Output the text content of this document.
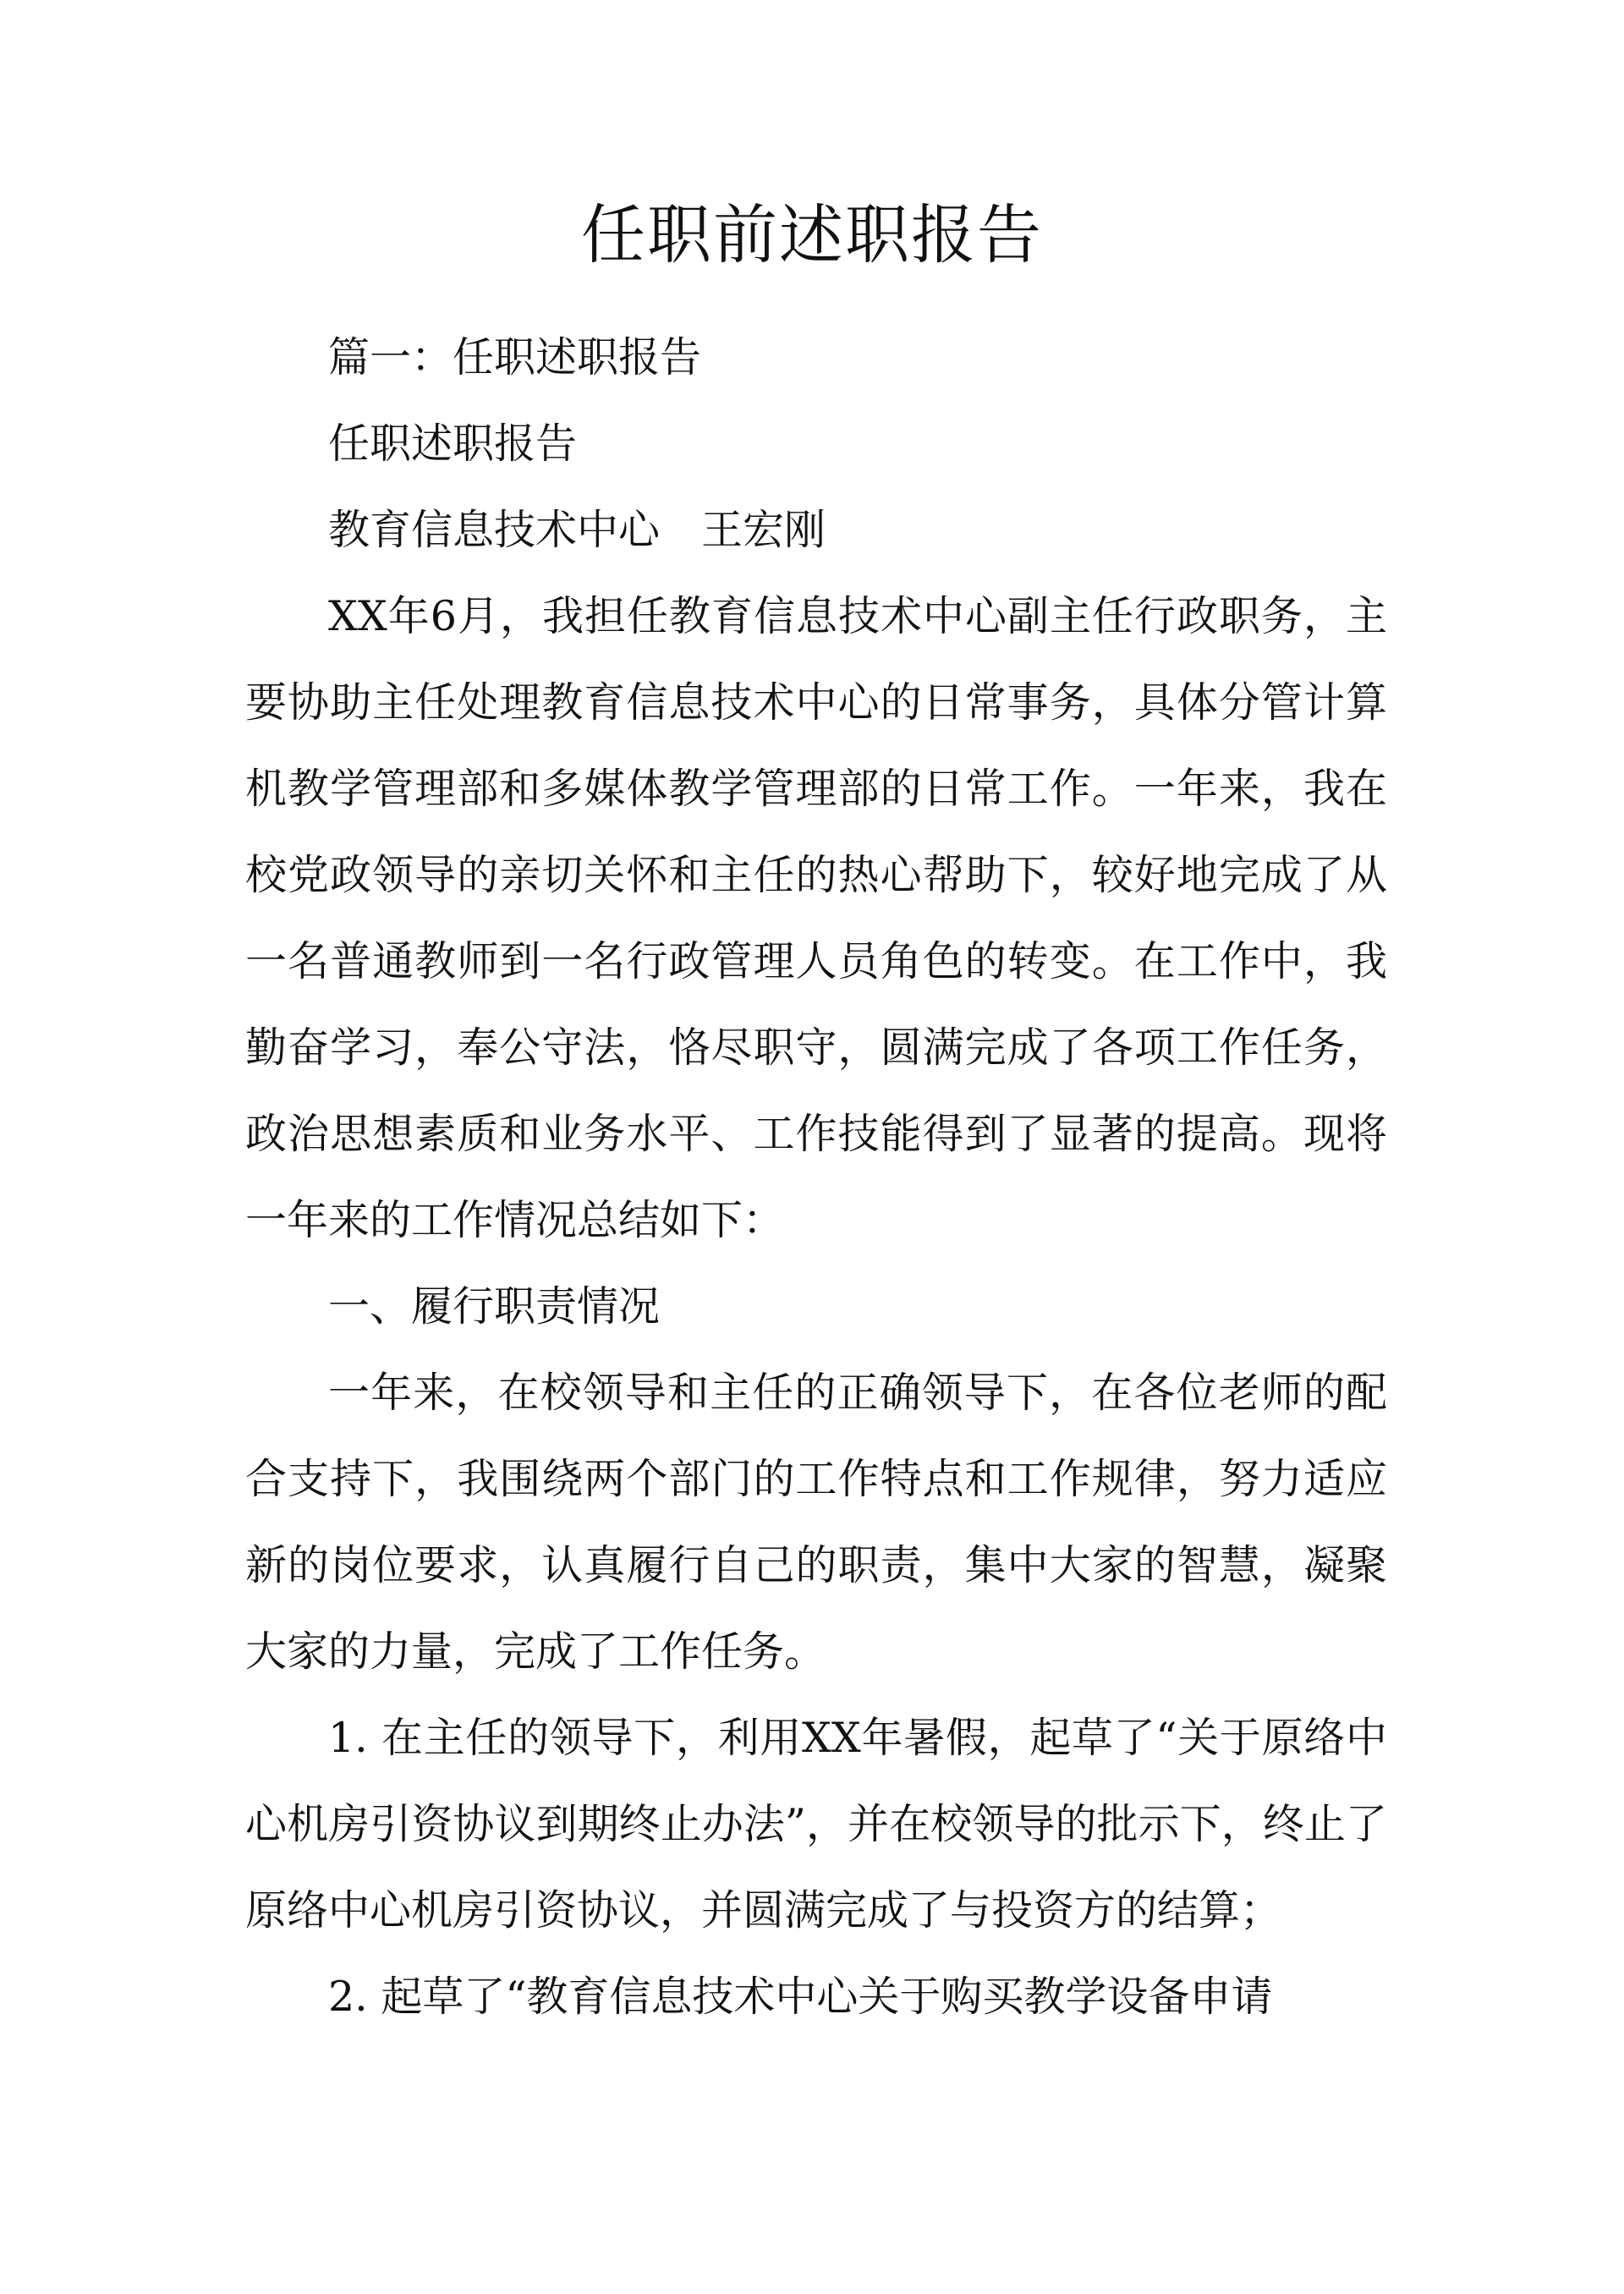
任职前述职报告

篇一：任职述职报告

任职述职报告

教育信息技术中心　王宏刚

XX年6月，我担任教育信息技术中心副主任行政职务，主要协助主任处理教育信息技术中心的日常事务，具体分管计算机教学管理部和多媒体教学管理部的日常工作。一年来，我在校党政领导的亲切关怀和主任的热心帮助下，较好地完成了从一名普通教师到一名行政管理人员角色的转变。在工作中，我勤奋学习，奉公守法，恪尽职守，圆满完成了各项工作任务，政治思想素质和业务水平、工作技能得到了显著的提高。现将一年来的工作情况总结如下：

一、履行职责情况

一年来，在校领导和主任的正确领导下，在各位老师的配合支持下，我围绕两个部门的工作特点和工作规律，努力适应新的岗位要求，认真履行自己的职责，集中大家的智慧，凝聚大家的力量，完成了工作任务。

1. 在主任的领导下，利用XX年暑假，起草了“关于原络中心机房引资协议到期终止办法”，并在校领导的批示下，终止了原络中心机房引资协议，并圆满完成了与投资方的结算；

2. 起草了“教育信息技术中心关于购买教学设备申请
